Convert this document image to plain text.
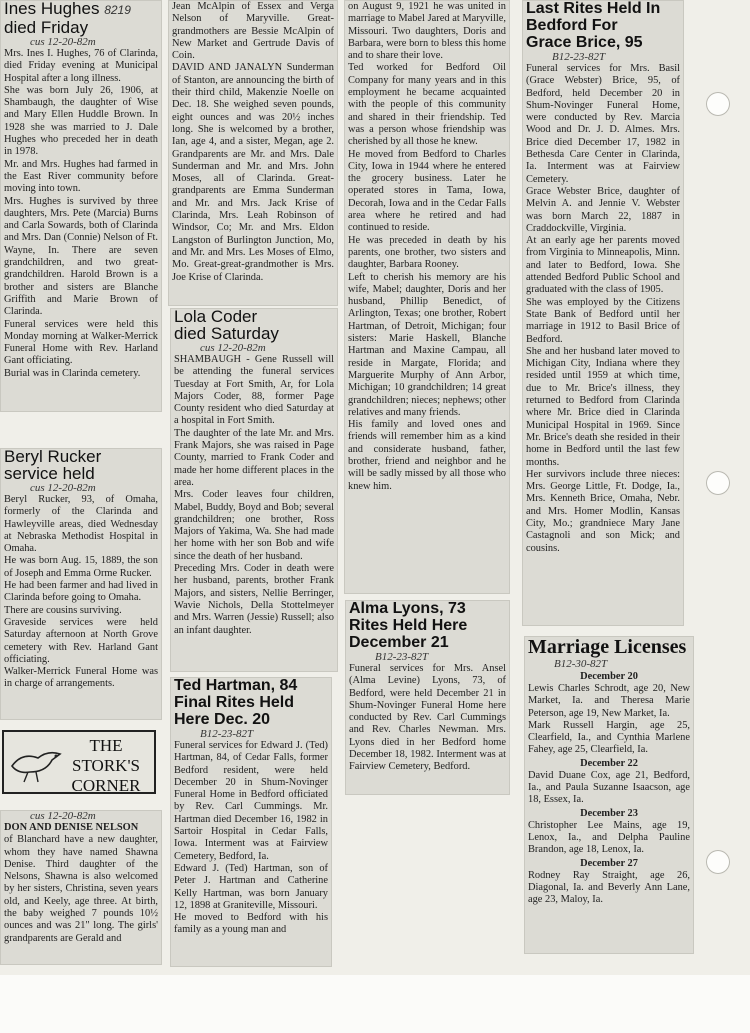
Ines Hughes 8219
died Friday
cus 12-20-82m
Mrs. Ines I. Hughes, 76 of Clarinda, died Friday evening at Municipal Hospital after a long illness.
She was born July 26, 1906, at Shambaugh, the daughter of Wise and Mary Ellen Huddle Brown. In 1928 she was married to J. Dale Hughes who preceded her in death in 1978.
Mr. and Mrs. Hughes had farmed in the East River community before moving into town.
Mrs. Hughes is survived by three daughters, Mrs. Pete (Marcia) Burns and Carla Sowards, both of Clarinda and Mrs. Dan (Connie) Nelson of Ft. Wayne, In. There are seven grandchildren, and two great-grandchildren. Harold Brown is a brother and sisters are Blanche Griffith and Marie Brown of Clarinda.
Funeral services were held this Monday morning at Walker-Merrick Funeral Home with Rev. Harland Gant officiating.
Burial was in Clarinda cemetery.
Beryl Rucker
service held
cus 12-20-82m
Beryl Rucker, 93, of Omaha, formerly of the Clarinda and Hawleyville areas, died Wednesday at Nebraska Methodist Hospital in Omaha.
He was born Aug. 15, 1889, the son of Joseph and Emma Orme Rucker.
He had been farmer and had lived in Clarinda before going to Omaha.
There are cousins surviving.
Graveside services were held Saturday afternoon at North Grove cemetery with Rev. Harland Gant officiating.
Walker-Merrick Funeral Home was in charge of arrangements.
THE STORK'S CORNER
cus 12-20-82m
DON AND DENISE NELSON
of Blanchard have a new daughter, whom they have named Shawna Denise. Third daughter of the Nelsons, Shawna is also welcomed by her sisters, Christina, seven years old, and Keely, age three. At birth, the baby weighed 7 pounds 10½ ounces and was 21" long. The girls' grandparents are Gerald and
Jean McAlpin of Essex and Verga Nelson of Maryville. Great-grandmothers are Bessie McAlpin of New Market and Gertrude Davis of Coin.
DAVID AND JANALYN Sunderman of Stanton, are announcing the birth of their third child, Makenzie Noelle on Dec. 18. She weighed seven pounds, eight ounces and was 20½ inches long. She is welcomed by a brother, Ian, age 4, and a sister, Megan, age 2. Grandparents are Mr. and Mrs. Dale Sunderman and Mr. and Mrs. John Moses, all of Clarinda. Great-grandparents are Emma Sunderman and Mr. and Mrs. Jack Krise of Clarinda, Mrs. Leah Robinson of Windsor, Co; Mr. and Mrs. Eldon Langston of Burlington Junction, Mo, and Mr. and Mrs. Les Moses of Elmo, Mo. Great-great-grandmother is Mrs. Joe Krise of Clarinda.
Lola Coder
died Saturday
cus 12-20-82m
SHAMBAUGH - Gene Russell will be attending the funeral services Tuesday at Fort Smith, Ar, for Lola Majors Coder, 88, former Page County resident who died Saturday at a hospital in Fort Smith.
The daughter of the late Mr. and Mrs. Frank Majors, she was raised in Page County, married to Frank Coder and made her home different places in the area.
Mrs. Coder leaves four children, Mabel, Buddy, Boyd and Bob; several grandchildren; one brother, Ross Majors of Yakima, Wa. She had made her home with her son Bob and wife since the death of her husband.
Preceding Mrs. Coder in death were her husband, parents, brother Frank Majors, and sisters, Nellie Berringer, Wavie Nichols, Della Stottelmeyer and Mrs. Warren (Jessie) Russell; also an infant daughter.
Ted Hartman, 84 Final Rites Held Here Dec. 20
B12-23-82T
Funeral services for Edward J. (Ted) Hartman, 84, of Cedar Falls, former Bedford resident, were held December 20 in Shum-Novinger Funeral Home in Bedford officiated by Rev. Carl Cummings. Mr. Hartman died December 16, 1982 in Sartoir Hospital in Cedar Falls, Iowa. Interment was at Fairview Cemetery, Bedford, Ia.
Edward J. (Ted) Hartman, son of Peter J. Hartman and Catherine Kelly Hartman, was born January 12, 1898 at Graniteville, Missouri.
He moved to Bedford with his family as a young man and
on August 9, 1921 he was united in marriage to Mabel Jared at Maryville, Missouri. Two daughters, Doris and Barbara, were born to bless this home and to share their love.
Ted worked for Bedford Oil Company for many years and in this employment he became acquainted with the people of this community and shared in their friendship. Ted was a person whose friendship was cherished by all those he knew.
He moved from Bedford to Charles City, Iowa in 1944 where he entered the grocery business. Later he operated stores in Tama, Iowa, Decorah, Iowa and in the Cedar Falls area where he retired and had continued to reside.
He was preceded in death by his parents, one brother, two sisters and daughter, Barbara Rooney.
Left to cherish his memory are his wife, Mabel; daughter, Doris and her husband, Phillip Benedict, of Arlington, Texas; one brother, Robert Hartman, of Detroit, Michigan; four sisters: Marie Haskell, Blanche Hartman and Maxine Campau, all reside in Margate, Florida; and Marguerite Murphy of Ann Arbor, Michigan; 10 grandchildren; 14 great grandchildren; nieces; nephews; other relatives and many friends.
His family and loved ones and friends will remember him as a kind and considerate husband, father, brother, friend and neighbor and he will be sadly missed by all those who knew him.
Alma Lyons, 73 Rites Held Here December 21
B12-23-82T
Funeral services for Mrs. Ansel (Alma Levine) Lyons, 73, of Bedford, were held December 21 in Shum-Novinger Funeral Home here conducted by Rev. Carl Cummings and Rev. Charles Newman. Mrs. Lyons died in her Bedford home December 18, 1982. Interment was at Fairview Cemetery, Bedford.
Last Rites Held In Bedford For Grace Brice, 95
B12-23-82T
Funeral services for Mrs. Basil (Grace Webster) Brice, 95, of Bedford, held December 20 in Shum-Novinger Funeral Home, were conducted by Rev. Marcia Wood and Dr. J. D. Almes. Mrs. Brice died December 17, 1982 in Bethesda Care Center in Clarinda, Ia. Interment was at Fairview Cemetery.
Grace Webster Brice, daughter of Melvin A. and Jennie V. Webster was born March 22, 1887 in Craddockville, Virginia.
At an early age her parents moved from Virginia to Minneapolis, Minn. and later to Bedford, Iowa. She attended Bedford Public School and graduated with the class of 1905.
She was employed by the Citizens State Bank of Bedford until her marriage in 1912 to Basil Brice of Bedford.
She and her husband later moved to Michigan City, Indiana where they resided until 1959 at which time, due to Mr. Brice's illness, they returned to Bedford from Clarinda where Mr. Brice died in Clarinda Municipal Hospital in 1969. Since Mr. Brice's death she resided in their home in Bedford until the last few months.
Her survivors include three nieces: Mrs. George Little, Ft. Dodge, Ia., Mrs. Kenneth Brice, Omaha, Nebr. and Mrs. Homer Modlin, Kansas City, Mo.; grandniece Mary Jane Castagnoli and son Mick; and cousins.
Marriage Licenses
B12-30-82T
December 20
Lewis Charles Schrodt, age 20, New Market, Ia. and Theresa Marie Peterson, age 19, New Market, Ia.
Mark Russell Hargin, age 25, Clearfield, Ia., and Cynthia Marlene Fahey, age 25, Clearfield, Ia.
December 22
David Duane Cox, age 21, Bedford, Ia., and Paula Suzanne Isaacson, age 18, Essex, Ia.
December 23
Christopher Lee Mains, age 19, Lenox, Ia., and Delpha Pauline Brandon, age 18, Lenox, Ia.
December 27
Rodney Ray Straight, age 26, Diagonal, Ia. and Beverly Ann Lane, age 23, Maloy, Ia.
